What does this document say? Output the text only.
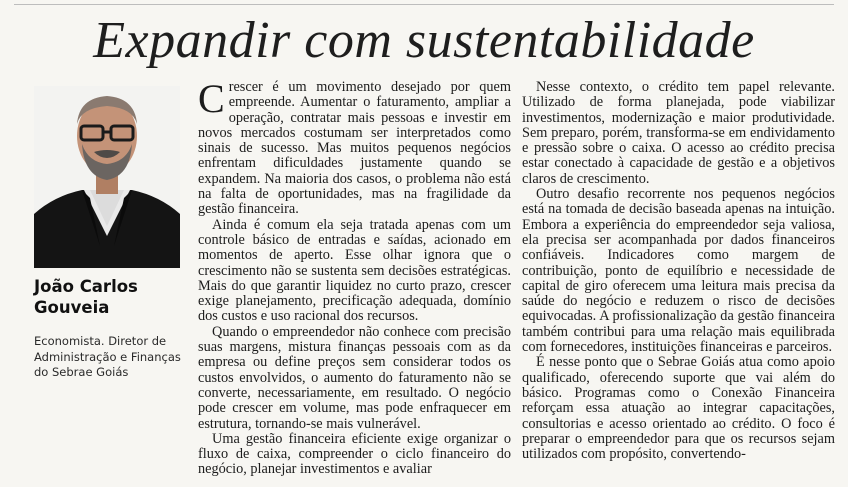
Expandir com sustentabilidade
João Carlos Gouveia
Economista. Diretor de Administração e Finanças do Sebrae Goiás

Crescer é um movimento desejado por quem empreende. Aumentar o faturamento, ampliar a operação, contratar mais pessoas e investir em novos mercados costumam ser interpretados como sinais de sucesso. Mas muitos pequenos negócios enfrentam dificuldades justamente quando se expandem. Na maioria dos casos, o problema não está na falta de oportunidades, mas na fragilidade da gestão financeira.

Ainda é comum ela seja tratada apenas com um controle básico de entradas e saídas, acionado em momentos de aperto. Esse olhar ignora que o crescimento não se sustenta sem decisões estratégicas. Mais do que garantir liquidez no curto prazo, crescer exige planejamento, precificação adequada, domínio dos custos e uso racional dos recursos.

Quando o empreendedor não conhece com precisão suas margens, mistura finanças pessoais com as da empresa ou define preços sem considerar todos os custos envolvidos, o aumento do faturamento não se converte, necessariamente, em resultado. O negócio pode crescer em volume, mas pode enfraquecer em estrutura, tornando-se mais vulnerável.

Uma gestão financeira eficiente exige organizar o fluxo de caixa, compreender o ciclo financeiro do negócio, planejar investimentos e avaliar

Nesse contexto, o crédito tem papel relevante. Utilizado de forma planejada, pode viabilizar investimentos, modernização e maior produtividade. Sem preparo, porém, transforma-se em endividamento e pressão sobre o caixa. O acesso ao crédito precisa estar conectado à capacidade de gestão e a objetivos claros de crescimento.

Outro desafio recorrente nos pequenos negócios está na tomada de decisão baseada apenas na intuição. Embora a experiência do empreendedor seja valiosa, ela precisa ser acompanhada por dados financeiros confiáveis. Indicadores como margem de contribuição, ponto de equilíbrio e necessidade de capital de giro oferecem uma leitura mais precisa da saúde do negócio e reduzem o risco de decisões equivocadas. A profissionalização da gestão financeira também contribui para uma relação mais equilibrada com fornecedores, instituições financeiras e parceiros.

É nesse ponto que o Sebrae Goiás atua como apoio qualificado, oferecendo suporte que vai além do básico. Programas como o Conexão Financeira reforçam essa atuação ao integrar capacitações, consultorias e acesso orientado ao crédito. O foco é preparar o empreendedor para que os recursos sejam utilizados com propósito, convertendo-
